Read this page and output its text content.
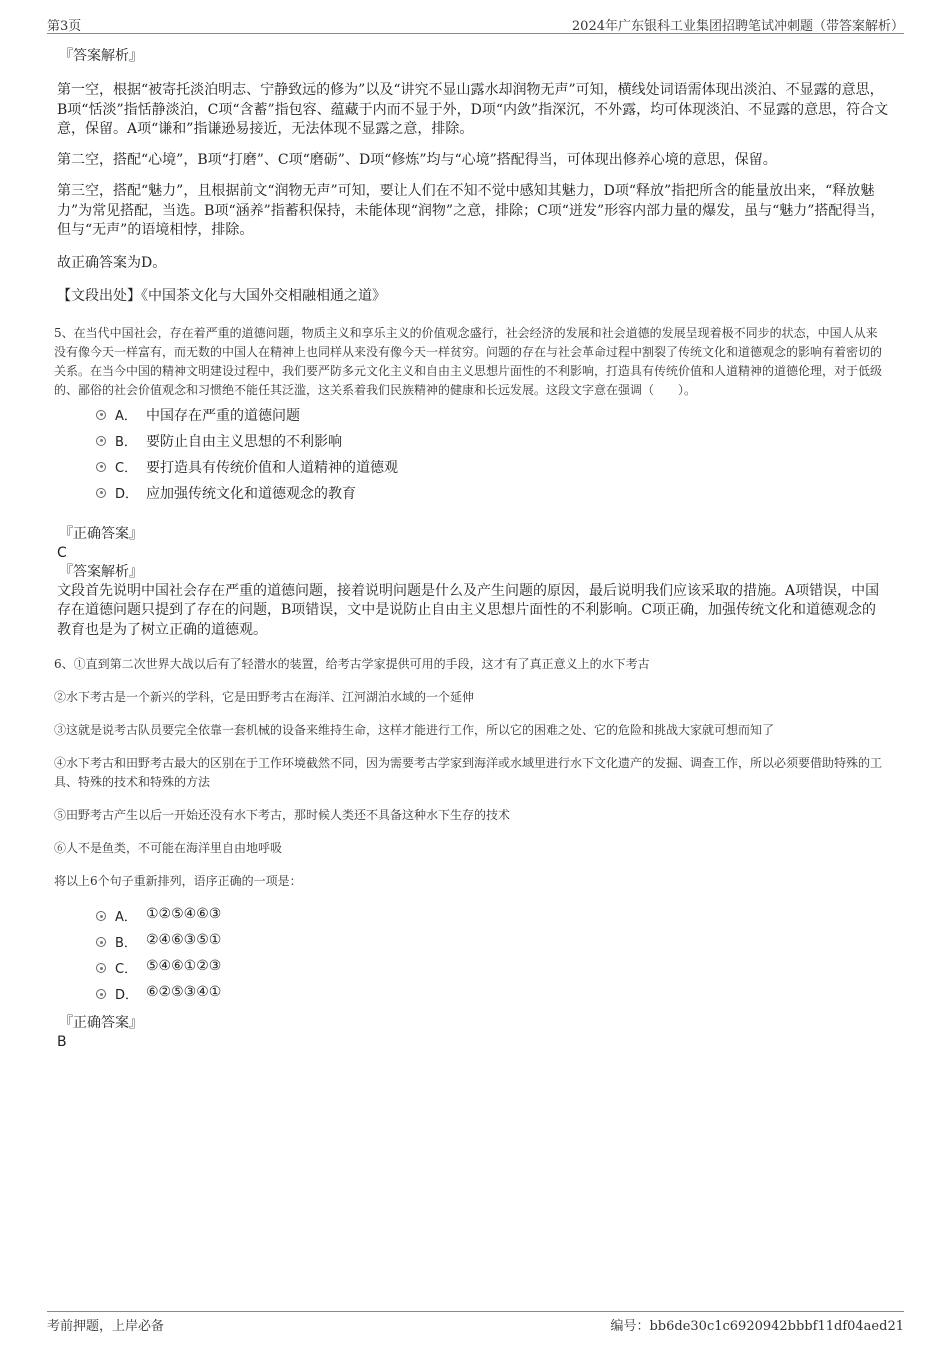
第3页	2024年广东银科工业集团招聘笔试冲刺题（带答案解析）

『答案解析』

第一空，根据“被寄托淡泊明志、宁静致远的修为”以及“讲究不显山露水却润物无声”可知，横线处词语需体现出淡泊、不显露的意思，B项“恬淡”指恬静淡泊，C项“含蓄”指包容、蕴藏于内而不显于外，D项“内敛”指深沉，不外露，均可体现淡泊、不显露的意思，符合文意，保留。A项“谦和”指谦逊易接近，无法体现不显露之意，排除。

第二空，搭配“心境”，B项“打磨”、C项“磨砺”、D项“修炼”均与“心境”搭配得当，可体现出修养心境的意思，保留。

第三空，搭配“魅力”，且根据前文“润物无声”可知，要让人们在不知不觉中感知其魅力，D项“释放”指把所含的能量放出来，“释放魅力”为常见搭配，当选。B项“涵养”指蓄积保持，未能体现“润物”之意，排除；C项“迸发”形容内部力量的爆发，虽与“魅力”搭配得当，但与“无声”的语境相悖，排除。

故正确答案为D。

【文段出处】《中国茶文化与大国外交相融相通之道》

5、在当代中国社会，存在着严重的道德问题，物质主义和享乐主义的价值观念盛行，社会经济的发展和社会道德的发展呈现着极不同步的状态，中国人从来没有像今天一样富有，而无数的中国人在精神上也同样从来没有像今天一样贫穷。问题的存在与社会革命过程中割裂了传统文化和道德观念的影响有着密切的关系。在当今中国的精神文明建设过程中，我们要严防多元文化主义和自由主义思想片面性的不利影响，打造具有传统价值和人道精神的道德伦理，对于低级的、鄙俗的社会价值观念和习惯绝不能任其泛滥，这关系着我们民族精神的健康和长远发展。这段文字意在强调（　　）。

A． 中国存在严重的道德问题
B． 要防止自由主义思想的不利影响
C． 要打造具有传统价值和人道精神的道德观
D． 应加强传统文化和道德观念的教育

『正确答案』

C

『答案解析』

文段首先说明中国社会存在严重的道德问题，接着说明问题是什么及产生问题的原因，最后说明我们应该采取的措施。A项错误，中国存在道德问题只提到了存在的问题，B项错误，文中是说防止自由主义思想片面性的不利影响。C项正确，加强传统文化和道德观念的教育也是为了树立正确的道德观。

6、①直到第二次世界大战以后有了轻潜水的装置，给考古学家提供可用的手段，这才有了真正意义上的水下考古

②水下考古是一个新兴的学科，它是田野考古在海洋、江河湖泊水域的一个延伸

③这就是说考古队员要完全依靠一套机械的设备来维持生命，这样才能进行工作，所以它的困难之处、它的危险和挑战大家就可想而知了

④水下考古和田野考古最大的区别在于工作环境截然不同，因为需要考古学家到海洋或水域里进行水下文化遗产的发掘、调查工作，所以必须要借助特殊的工具、特殊的技术和特殊的方法

⑤田野考古产生以后一开始还没有水下考古，那时候人类还不具备这种水下生存的技术

⑥人不是鱼类，不可能在海洋里自由地呼吸

将以上6个句子重新排列，语序正确的一项是：

A． ①②⑤④⑥③
B． ②④⑥③⑤①
C． ⑤④⑥①②③
D． ⑥②⑤③④①

『正确答案』

B

考前押题，上岸必备	编号：bb6de30c1c6920942bbbf11df04aed21
